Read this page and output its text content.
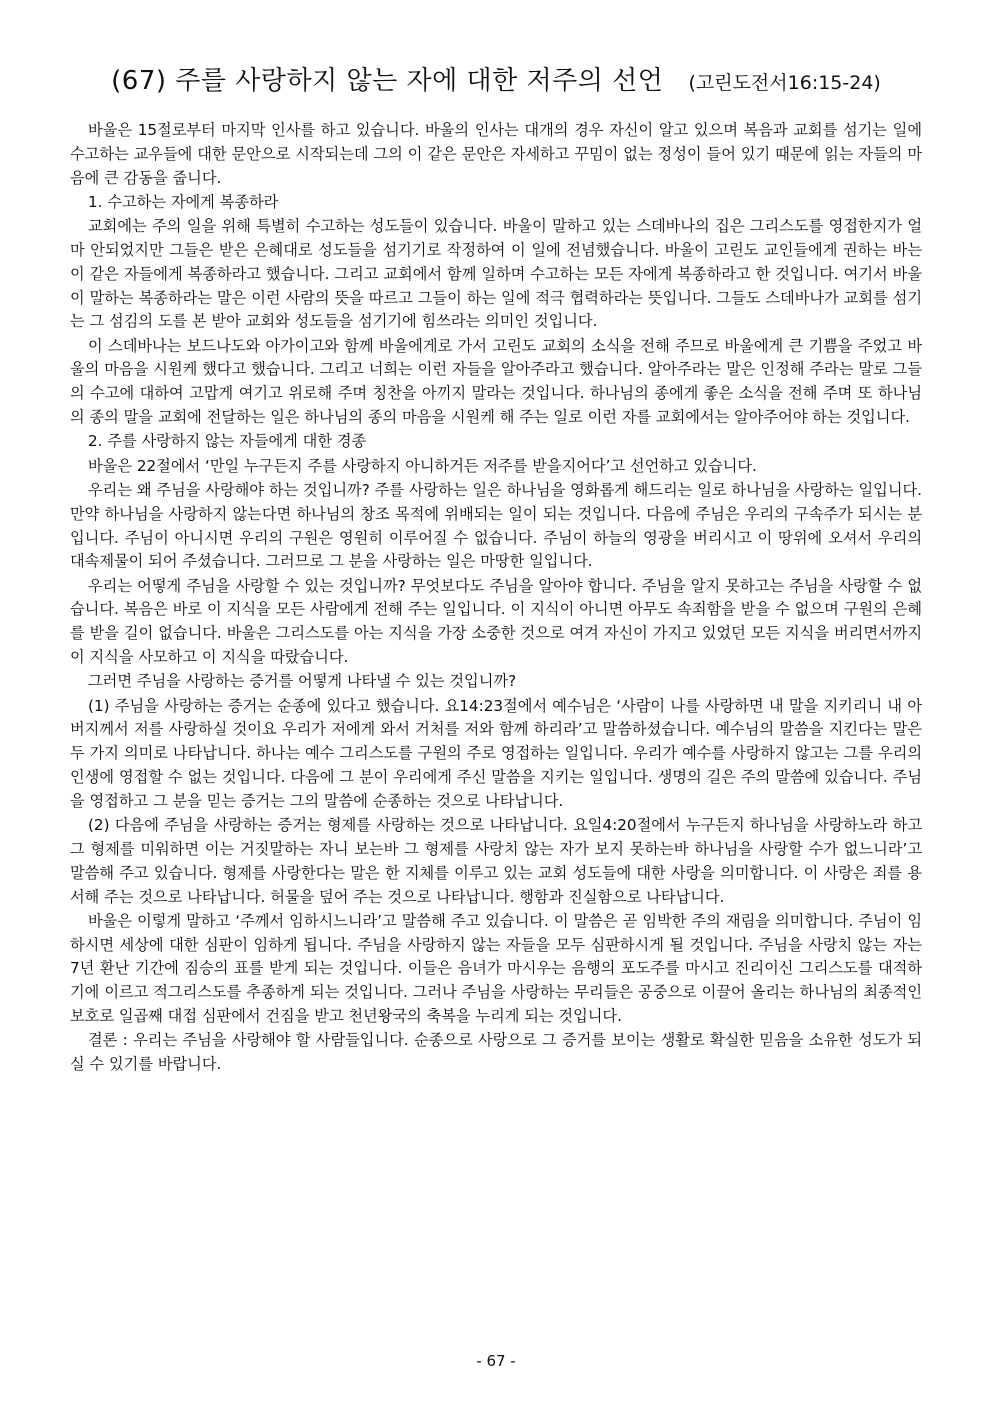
(67) 주를 사랑하지 않는 자에 대한 저주의 선언 (고린도전서16:15-24)

바울은 15절로부터 마지막 인사를 하고 있습니다. 바울의 인사는 대개의 경우 자신이 알고 있으며 복음과 교회를 섬기는 일에 수고하는 교우들에 대한 문안으로 시작되는데 그의 이 같은 문안은 자세하고 꾸밈이 없는 정성이 들어 있기 때문에 읽는 자들의 마음에 큰 감동을 줍니다.

1. 수고하는 자에게 복종하라

교회에는 주의 일을 위해 특별히 수고하는 성도들이 있습니다. 바울이 말하고 있는 스데바나의 집은 그리스도를 영접한지가 얼마 안되었지만 그들은 받은 은혜대로 성도들을 섬기기로 작정하여 이 일에 전념했습니다. 바울이 고린도 교인들에게 권하는 바는 이 같은 자들에게 복종하라고 했습니다. 그리고 교회에서 함께 일하며 수고하는 모든 자에게 복종하라고 한 것입니다. 여기서 바울이 말하는 복종하라는 말은 이런 사람의 뜻을 따르고 그들이 하는 일에 적극 협력하라는 뜻입니다. 그들도 스데바나가 교회를 섬기는 그 섬김의 도를 본 받아 교회와 성도들을 섬기기에 힘쓰라는 의미인 것입니다.

이 스데바나는 보드나도와 아가이고와 함께 바울에게로 가서 고린도 교회의 소식을 전해 주므로 바울에게 큰 기쁨을 주었고 바울의 마음을 시원케 했다고 했습니다. 그리고 너희는 이런 자들을 알아주라고 했습니다. 알아주라는 말은 인정해 주라는 말로 그들의 수고에 대하여 고맙게 여기고 위로해 주며 칭찬을 아끼지 말라는 것입니다. 하나님의 종에게 좋은 소식을 전해 주며 또 하나님의 종의 말을 교회에 전달하는 일은 하나님의 종의 마음을 시원케 해 주는 일로 이런 자를 교회에서는 알아주어야 하는 것입니다.

2. 주를 사랑하지 않는 자들에게 대한 경종

바울은 22절에서 ‘만일 누구든지 주를 사랑하지 아니하거든 저주를 받을지어다’고 선언하고 있습니다.

우리는 왜 주님을 사랑해야 하는 것입니까? 주를 사랑하는 일은 하나님을 영화롭게 해드리는 일로 하나님을 사랑하는 일입니다. 만약 하나님을 사랑하지 않는다면 하나님의 창조 목적에 위배되는 일이 되는 것입니다. 다음에 주님은 우리의 구속주가 되시는 분입니다. 주님이 아니시면 우리의 구원은 영원히 이루어질 수 없습니다. 주님이 하늘의 영광을 버리시고 이 땅위에 오셔서 우리의 대속제물이 되어 주셨습니다. 그러므로 그 분을 사랑하는 일은 마땅한 일입니다.

우리는 어떻게 주님을 사랑할 수 있는 것입니까? 무엇보다도 주님을 알아야 합니다. 주님을 알지 못하고는 주님을 사랑할 수 없습니다. 복음은 바로 이 지식을 모든 사람에게 전해 주는 일입니다. 이 지식이 아니면 아무도 속죄함을 받을 수 없으며 구원의 은혜를 받을 길이 없습니다. 바울은 그리스도를 아는 지식을 가장 소중한 것으로 여겨 자신이 가지고 있었던 모든 지식을 버리면서까지 이 지식을 사모하고 이 지식을 따랐습니다.

그러면 주님을 사랑하는 증거를 어떻게 나타낼 수 있는 것입니까?

(1) 주님을 사랑하는 증거는 순종에 있다고 했습니다. 요14:23절에서 예수님은 ‘사람이 나를 사랑하면 내 말을 지키리니 내 아버지께서 저를 사랑하실 것이요 우리가 저에게 와서 거처를 저와 함께 하리라’고 말씀하셨습니다. 예수님의 말씀을 지킨다는 말은 두 가지 의미로 나타납니다. 하나는 예수 그리스도를 구원의 주로 영접하는 일입니다. 우리가 예수를 사랑하지 않고는 그를 우리의 인생에 영접할 수 없는 것입니다. 다음에 그 분이 우리에게 주신 말씀을 지키는 일입니다. 생명의 길은 주의 말씀에 있습니다. 주님을 영접하고 그 분을 믿는 증거는 그의 말씀에 순종하는 것으로 나타납니다.

(2) 다음에 주님을 사랑하는 증거는 형제를 사랑하는 것으로 나타납니다. 요일4:20절에서 누구든지 하나님을 사랑하노라 하고 그 형제를 미워하면 이는 거짓말하는 자니 보는바 그 형제를 사랑치 않는 자가 보지 못하는바 하나님을 사랑할 수가 없느니라’고 말씀해 주고 있습니다. 형제를 사랑한다는 말은 한 지체를 이루고 있는 교회 성도들에 대한 사랑을 의미합니다. 이 사랑은 죄를 용서해 주는 것으로 나타납니다. 허물을 덮어 주는 것으로 나타납니다. 행함과 진실함으로 나타납니다.

바울은 이렇게 말하고 ‘주께서 임하시느니라’고 말씀해 주고 있습니다. 이 말씀은 곧 임박한 주의 재림을 의미합니다. 주님이 임하시면 세상에 대한 심판이 임하게 됩니다. 주님을 사랑하지 않는 자들을 모두 심판하시게 될 것입니다. 주님을 사랑치 않는 자는 7년 환난 기간에 짐승의 표를 받게 되는 것입니다. 이들은 음녀가 마시우는 음행의 포도주를 마시고 진리이신 그리스도를 대적하기에 이르고 적그리스도를 추종하게 되는 것입니다. 그러나 주님을 사랑하는 무리들은 공중으로 이끌어 올리는 하나님의 최종적인 보호로 일곱째 대접 심판에서 건짐을 받고 천년왕국의 축복을 누리게 되는 것입니다.

결론 : 우리는 주님을 사랑해야 할 사람들입니다. 순종으로 사랑으로 그 증거를 보이는 생활로 확실한 믿음을 소유한 성도가 되실 수 있기를 바랍니다.

- 67 -
